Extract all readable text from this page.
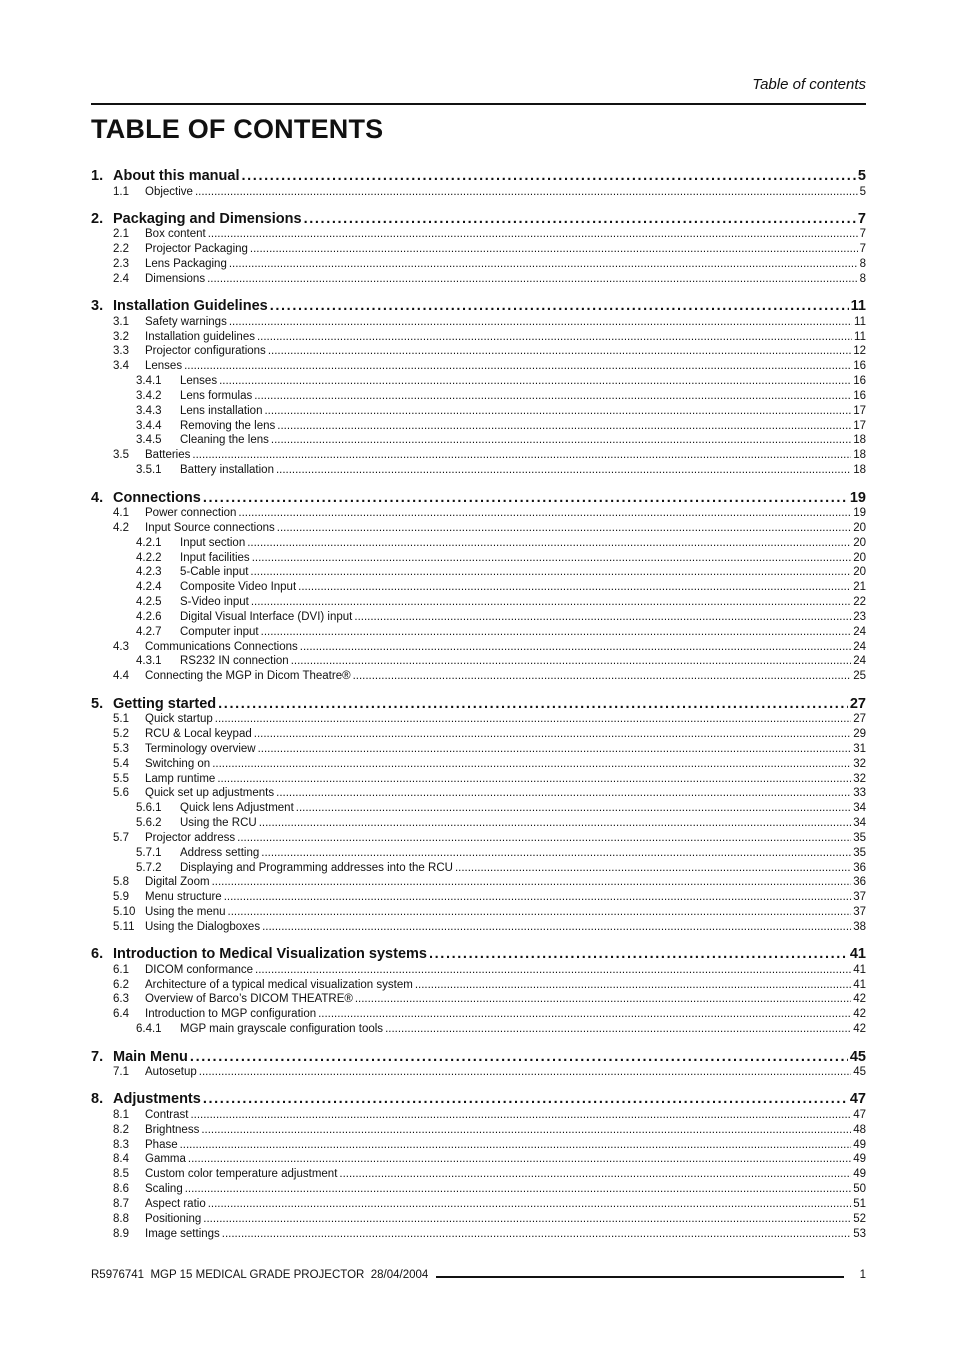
Table of contents
TABLE OF CONTENTS
1. About this manual . . .	5
1.1	Objective . . .	5
2. Packaging and Dimensions . . .	7
2.1	Box content . . .	7
2.2	Projector Packaging . . .	7
2.3	Lens Packaging . . .	8
2.4	Dimensions . . .	8
3. Installation Guidelines . . .	11
3.1	Safety warnings . . .	11
3.2	Installation guidelines . . .	11
3.3	Projector configurations . . .	12
3.4	Lenses . . .	16
3.4.1	Lenses . . .	16
3.4.2	Lens formulas . . .	16
3.4.3	Lens installation . . .	17
3.4.4	Removing the lens . . .	17
3.4.5	Cleaning the lens . . .	18
3.5	Batteries . . .	18
3.5.1	Battery installation . . .	18
4. Connections . . .	19
4.1	Power connection . . .	19
4.2	Input Source connections . . .	20
4.2.1	Input section . . .	20
4.2.2	Input facilities . . .	20
4.2.3	5-Cable input . . .	20
4.2.4	Composite Video Input . . .	21
4.2.5	S-Video input . . .	22
4.2.6	Digital Visual Interface (DVI) input . . .	23
4.2.7	Computer input . . .	24
4.3	Communications Connections . . .	24
4.3.1	RS232 IN connection . . .	24
4.4	Connecting the MGP in Dicom Theatre® . . .	25
5. Getting started . . .	27
5.1	Quick startup . . .	27
5.2	RCU & Local keypad . . .	29
5.3	Terminology overview . . .	31
5.4	Switching on . . .	32
5.5	Lamp runtime . . .	32
5.6	Quick set up adjustments . . .	33
5.6.1	Quick lens Adjustment . . .	34
5.6.2	Using the RCU . . .	34
5.7	Projector address . . .	35
5.7.1	Address setting . . .	35
5.7.2	Displaying and Programming addresses into the RCU . . .	36
5.8	Digital Zoom . . .	36
5.9	Menu structure . . .	37
5.10 Using the menu . . .	37
5.11 Using the Dialogboxes . . .	38
6. Introduction to Medical Visualization systems . . .	41
6.1	DICOM conformance . . .	41
6.2	Architecture of a typical medical visualization system . . .	41
6.3	Overview of Barco’s DICOM THEATRE® . . .	42
6.4	Introduction to MGP configuration . . .	42
6.4.1	MGP main grayscale configuration tools . . .	42
7. Main Menu . . .	45
7.1	Autosetup . . .	45
8. Adjustments . . .	47
8.1	Contrast . . .	47
8.2	Brightness . . .	48
8.3	Phase . . .	49
8.4	Gamma . . .	49
8.5	Custom color temperature adjustment . . .	49
8.6	Scaling . . .	50
8.7	Aspect ratio . . .	51
8.8	Positioning . . .	52
8.9	Image settings . . .	53
R5976741  MGP 15 MEDICAL GRADE PROJECTOR  28/04/2004	1
